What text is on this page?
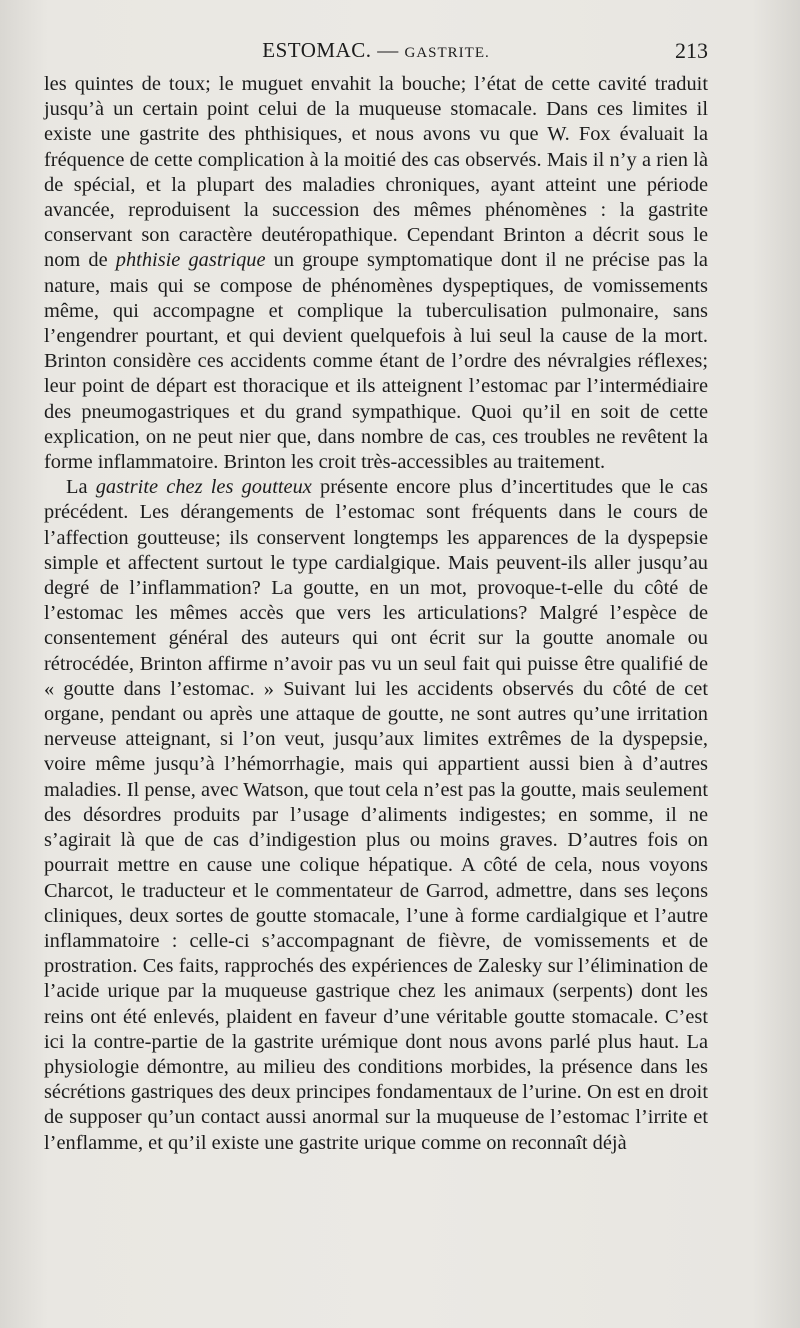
ESTOMAC. — GASTRITE.	213

les quintes de toux; le muguet envahit la bouche; l’état de cette cavité traduit jusqu’à un certain point celui de la muqueuse stomacale. Dans ces limites il existe une gastrite des phthisiques, et nous avons vu que W. Fox évaluait la fréquence de cette complication à la moitié des cas observés. Mais il n’y a rien là de spécial, et la plupart des maladies chroniques, ayant atteint une période avancée, reproduisent la succession des mêmes phénomènes : la gastrite conservant son caractère deutéropathique. Cependant Brinton a décrit sous le nom de phthisie gastrique un groupe symptomatique dont il ne précise pas la nature, mais qui se compose de phénomènes dyspeptiques, de vomissements même, qui accompagne et complique la tuberculisation pulmonaire, sans l’engendrer pourtant, et qui devient quelquefois à lui seul la cause de la mort. Brinton considère ces accidents comme étant de l’ordre des névralgies réflexes; leur point de départ est thoracique et ils atteignent l’estomac par l’intermédiaire des pneumogastriques et du grand sympathique. Quoi qu’il en soit de cette explication, on ne peut nier que, dans nombre de cas, ces troubles ne revêtent la forme inflammatoire. Brinton les croit très-accessibles au traitement.

La gastrite chez les goutteux présente encore plus d’incertitudes que le cas précédent. Les dérangements de l’estomac sont fréquents dans le cours de l’affection goutteuse; ils conservent longtemps les apparences de la dyspepsie simple et affectent surtout le type cardialgique. Mais peuvent-ils aller jusqu’au degré de l’inflammation? La goutte, en un mot, provoque-t-elle du côté de l’estomac les mêmes accès que vers les articulations? Malgré l’espèce de consentement général des auteurs qui ont écrit sur la goutte anomale ou rétrocédée, Brinton affirme n’avoir pas vu un seul fait qui puisse être qualifié de « goutte dans l’estomac. » Suivant lui les accidents observés du côté de cet organe, pendant ou après une attaque de goutte, ne sont autres qu’une irritation nerveuse atteignant, si l’on veut, jusqu’aux limites extrêmes de la dyspepsie, voire même jusqu’à l’hémorrhagie, mais qui appartient aussi bien à d’autres maladies. Il pense, avec Watson, que tout cela n’est pas la goutte, mais seulement des désordres produits par l’usage d’aliments indigestes; en somme, il ne s’agirait là que de cas d’indigestion plus ou moins graves. D’autres fois on pourrait mettre en cause une colique hépatique. A côté de cela, nous voyons Charcot, le traducteur et le commentateur de Garrod, admettre, dans ses leçons cliniques, deux sortes de goutte stomacale, l’une à forme cardialgique et l’autre inflammatoire : celle-ci s’accompagnant de fièvre, de vomissements et de prostration. Ces faits, rapprochés des expériences de Zalesky sur l’élimination de l’acide urique par la muqueuse gastrique chez les animaux (serpents) dont les reins ont été enlevés, plaident en faveur d’une véritable goutte stomacale. C’est ici la contre-partie de la gastrite urémique dont nous avons parlé plus haut. La physiologie démontre, au milieu des conditions morbides, la présence dans les sécrétions gastriques des deux principes fondamentaux de l’urine. On est en droit de supposer qu’un contact aussi anormal sur la muqueuse de l’estomac l’irrite et l’enflamme, et qu’il existe une gastrite urique comme on reconnaît déjà
